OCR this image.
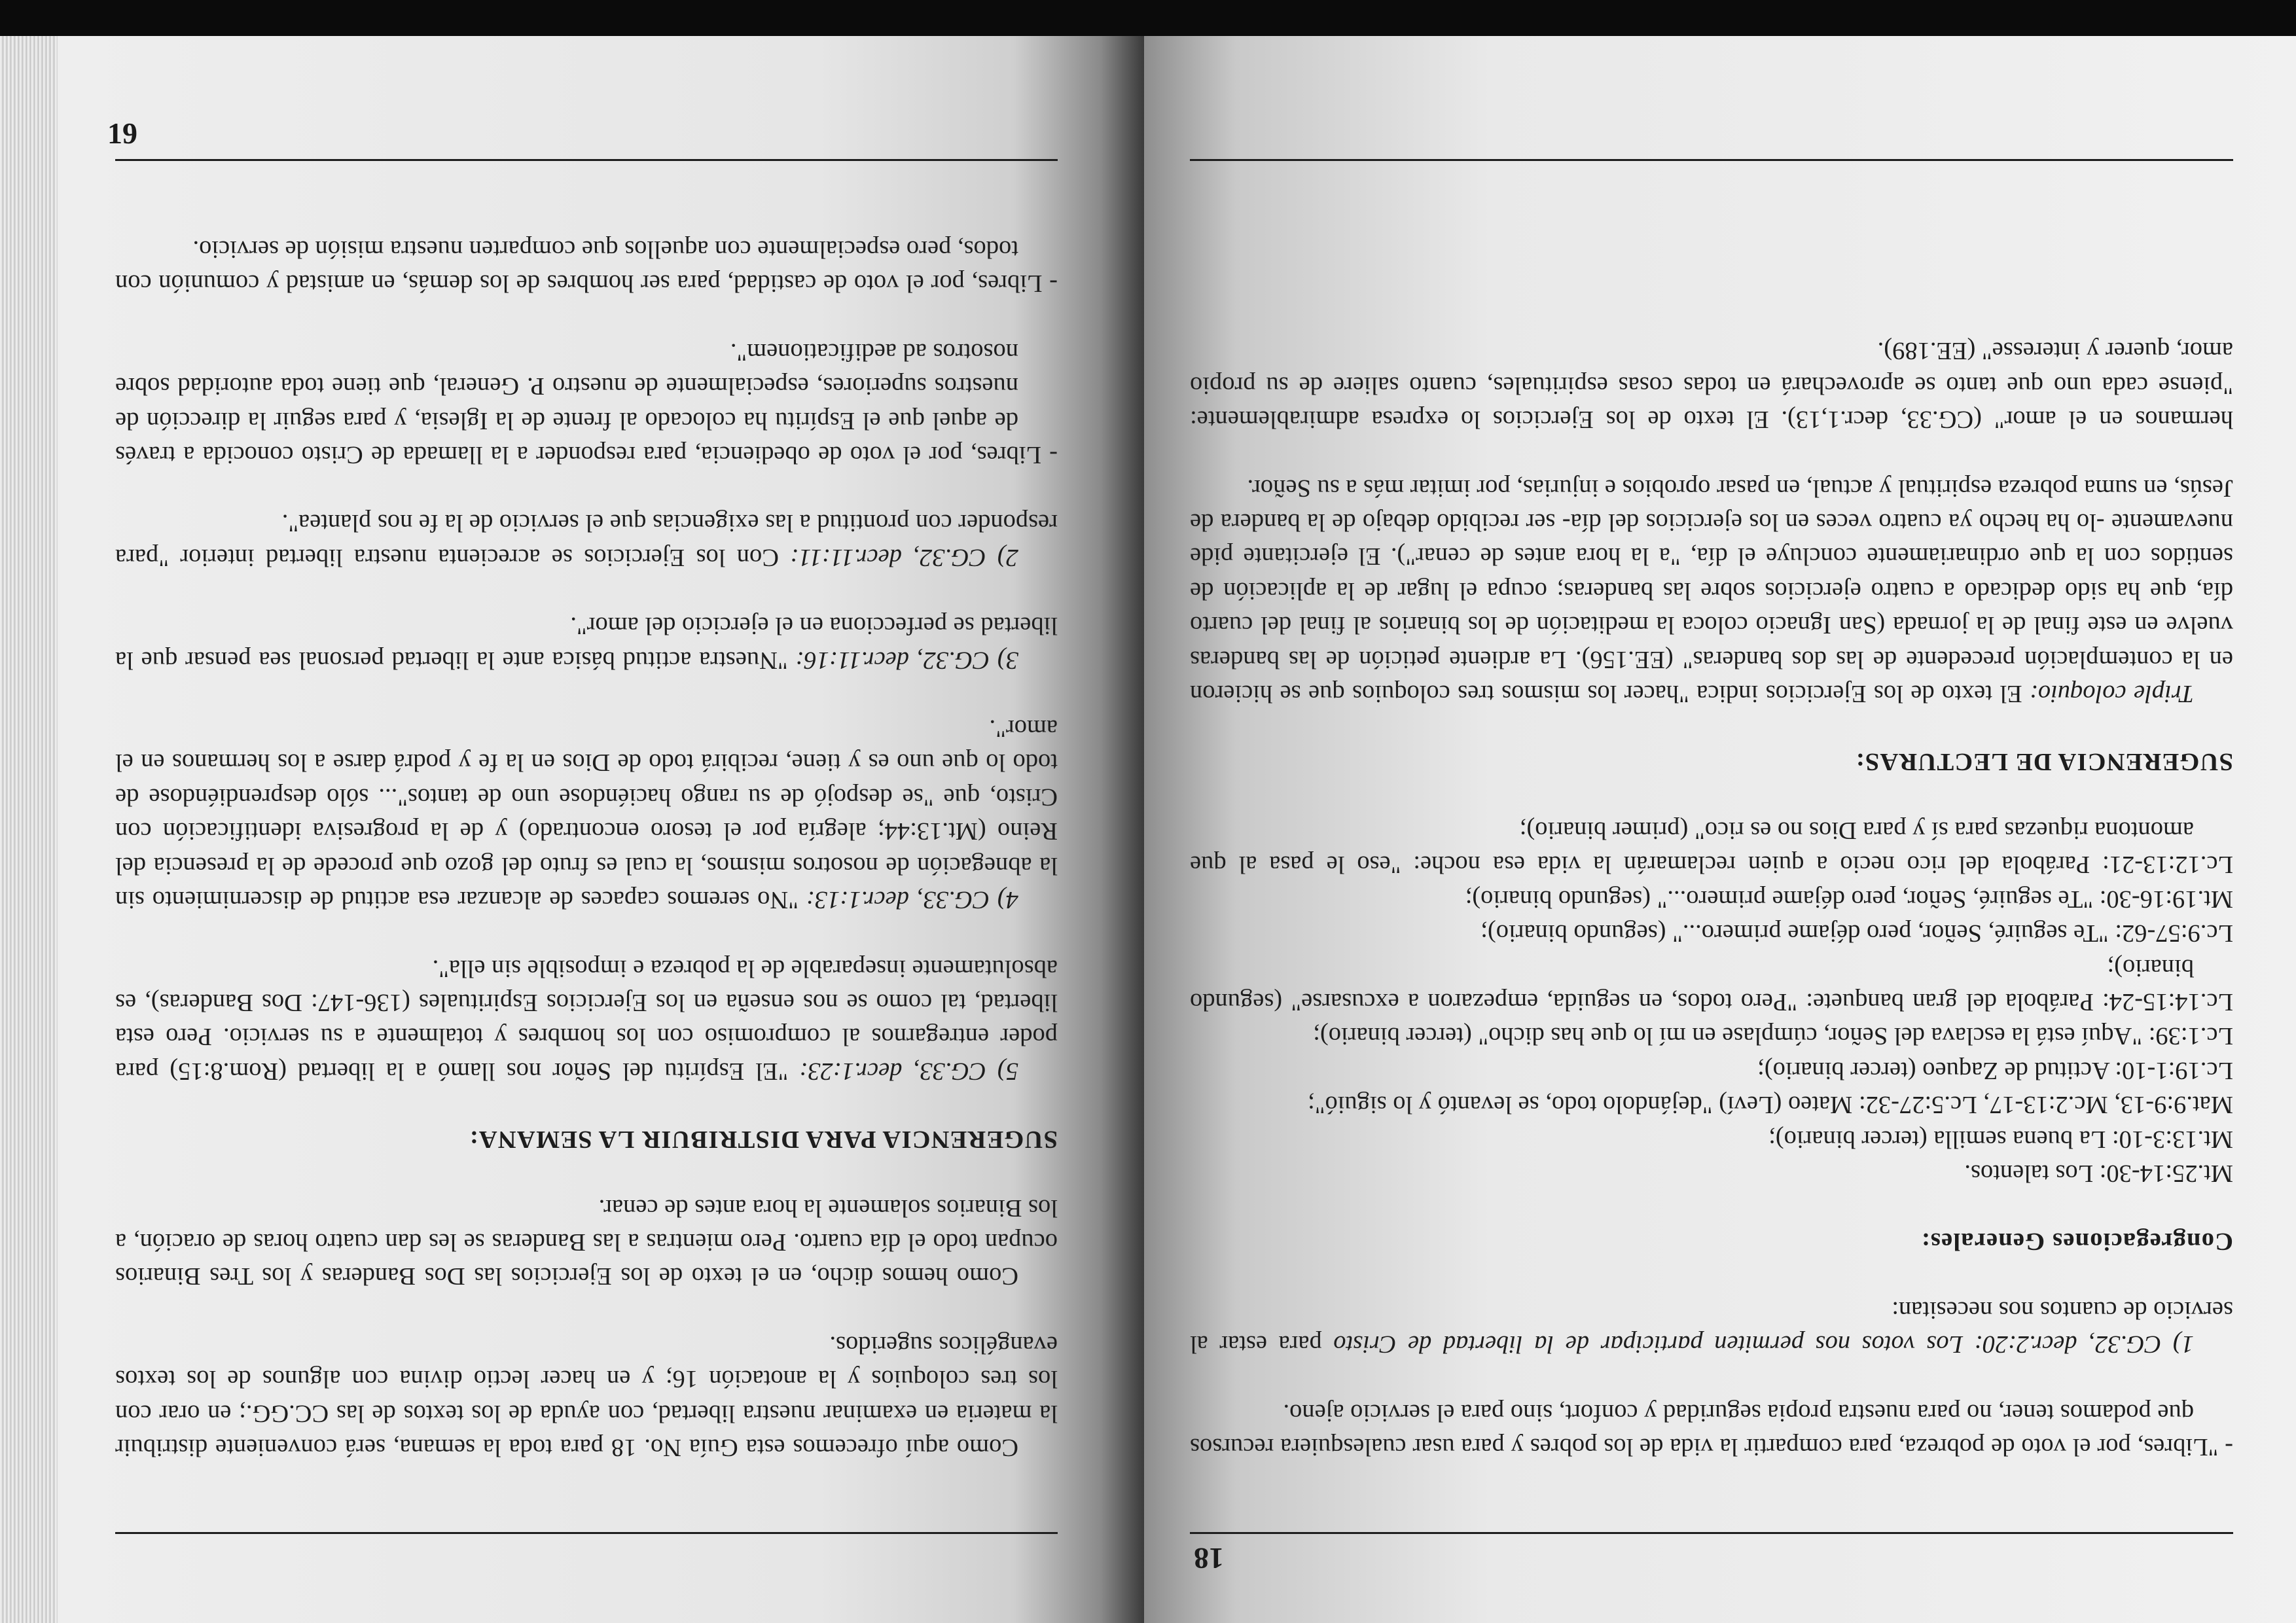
18

- "Libres, por el voto de pobreza, para compartir la vida de los pobres y para usar cualesquiera recursos que podamos tener, no para nuestra propia seguridad y confort, sino para el servicio ajeno.

1) CG.32, decr.2:20: Los votos nos permiten participar de la libertad de Cristo para estar al servicio de cuantos nos necesitan:

Congregaciones Generales:

Mt.25:14-30: Los talentos.

Mt.13:3-10: La buena semilla (tercer binario);

Mat.9:9-13, Mc.2:13-17, Lc.5:27-32: Mateo (Leví) "dejándolo todo, se levantó y lo siguió";

Lc.19:1-10: Actitud de Zaqueo (tercer binario);

Lc.1:39: "Aquí está la esclava del Señor, cúmplase en mí lo que has dicho" (tercer binario);

Lc.14:15-24: Parábola del gran banquete: "Pero todos, en seguida, empezaron a excusarse" (segundo binario);

Lc.9:57-62: "Te seguiré, Señor, pero déjame primero..." (segundo binario);

Mt.19:16-30: "Te seguiré, Señor, pero déjame primero..." (segundo binario);

Lc.12:13-21: Parábola del rico necio a quien reclamarán la vida esa noche: "eso le pasa al que amontona riquezas para sí y para Dios no es rico" (primer binario);

SUGERENCIA DE LECTURAS:

Triple coloquio: El texto de los Ejercicios indica "hacer los mismos tres coloquios que se hicieron en la contemplación precedente de las dos banderas" (EE.156). La ardiente petición de las banderas vuelve en este final de la jornada (San Ignacio coloca la meditación de los binarios al final del cuarto día, que ha sido dedicado a cuatro ejercicios sobre las banderas; ocupa el lugar de la aplicación de sentidos con la que ordinariamente concluye el día, "a la hora antes de cenar"). El ejercitante pide nuevamente -lo ha hecho ya cuatro veces en los ejercicios del día- ser recibido debajo de la bandera de Jesús, en suma pobreza espiritual y actual, en pasar oprobios e injurias, por imitar más a su Señor.

hermanos en el amor" (CG.33, decr.1,13). El texto de los Ejercicios lo expresa admirablemente: "piense cada uno que tanto se aprovechará en todas cosas espirituales, cuanto saliere de su propio amor, querer y interesse" (EE.189).

19

Como aquí ofrecemos esta Guía No. 18 para toda la semana, será conveniente distribuir la materia en examinar nuestra libertad, con ayuda de los textos de las CC.GG.; en orar con los tres coloquios y la anotación 16; y en hacer lectio divina con algunos de los textos evangélicos sugeridos.

Como hemos dicho, en el texto de los Ejercicios las Dos Banderas y los Tres Binarios ocupan todo el día cuarto. Pero mientras a las Banderas se les dan cuatro horas de oración, a los Binarios solamente la hora antes de cenar.

SUGERENCIA PARA DISTRIBUIR LA SEMANA:

5) CG.33, decr.1:23: "El Espíritu del Señor nos llamó a la libertad (Rom.8:15) para poder entregarnos al compromiso con los hombres y totalmente a su servicio. Pero esta libertad, tal como se nos enseña en los Ejercicios Espirituales (136-147: Dos Banderas), es absolutamente inseparable de la pobreza e imposible sin ella".

4) CG.33, decr.1:13: "No seremos capaces de alcanzar esa actitud de discernimiento sin la abnegación de nosotros mismos, la cual es fruto del gozo que procede de la presencia del Reino (Mt.13:44; alegría por el tesoro encontrado) y de la progresiva identificación con Cristo, que "se despojó de su rango haciéndose uno de tantos"... sólo desprendiéndose de todo lo que uno es y tiene, recibirá todo de Dios en la fe y podrá darse a los hermanos en el amor".

3) CG.32, decr.11:16: "Nuestra actitud básica ante la libertad personal sea pensar que la libertad se perfecciona en el ejercicio del amor".

2) CG.32, decr.11:11: Con los Ejercicios se acrecienta nuestra libertad interior "para responder con prontitud a las exigencias que el servicio de la fe nos plantea".

- Libres, por el voto de obediencia, para responder a la llamada de Cristo conocida a través de aquel que el Espíritu ha colocado al frente de la Iglesia, y para seguir la dirección de nuestros superiores, especialmente de nuestro P. General, que tiene toda autoridad sobre nosotros ad aedificationem".

- Libres, por el voto de castidad, para ser hombres de los demás, en amistad y comunión con todos, pero especialmente con aquellos que comparten nuestra misión de servicio.
